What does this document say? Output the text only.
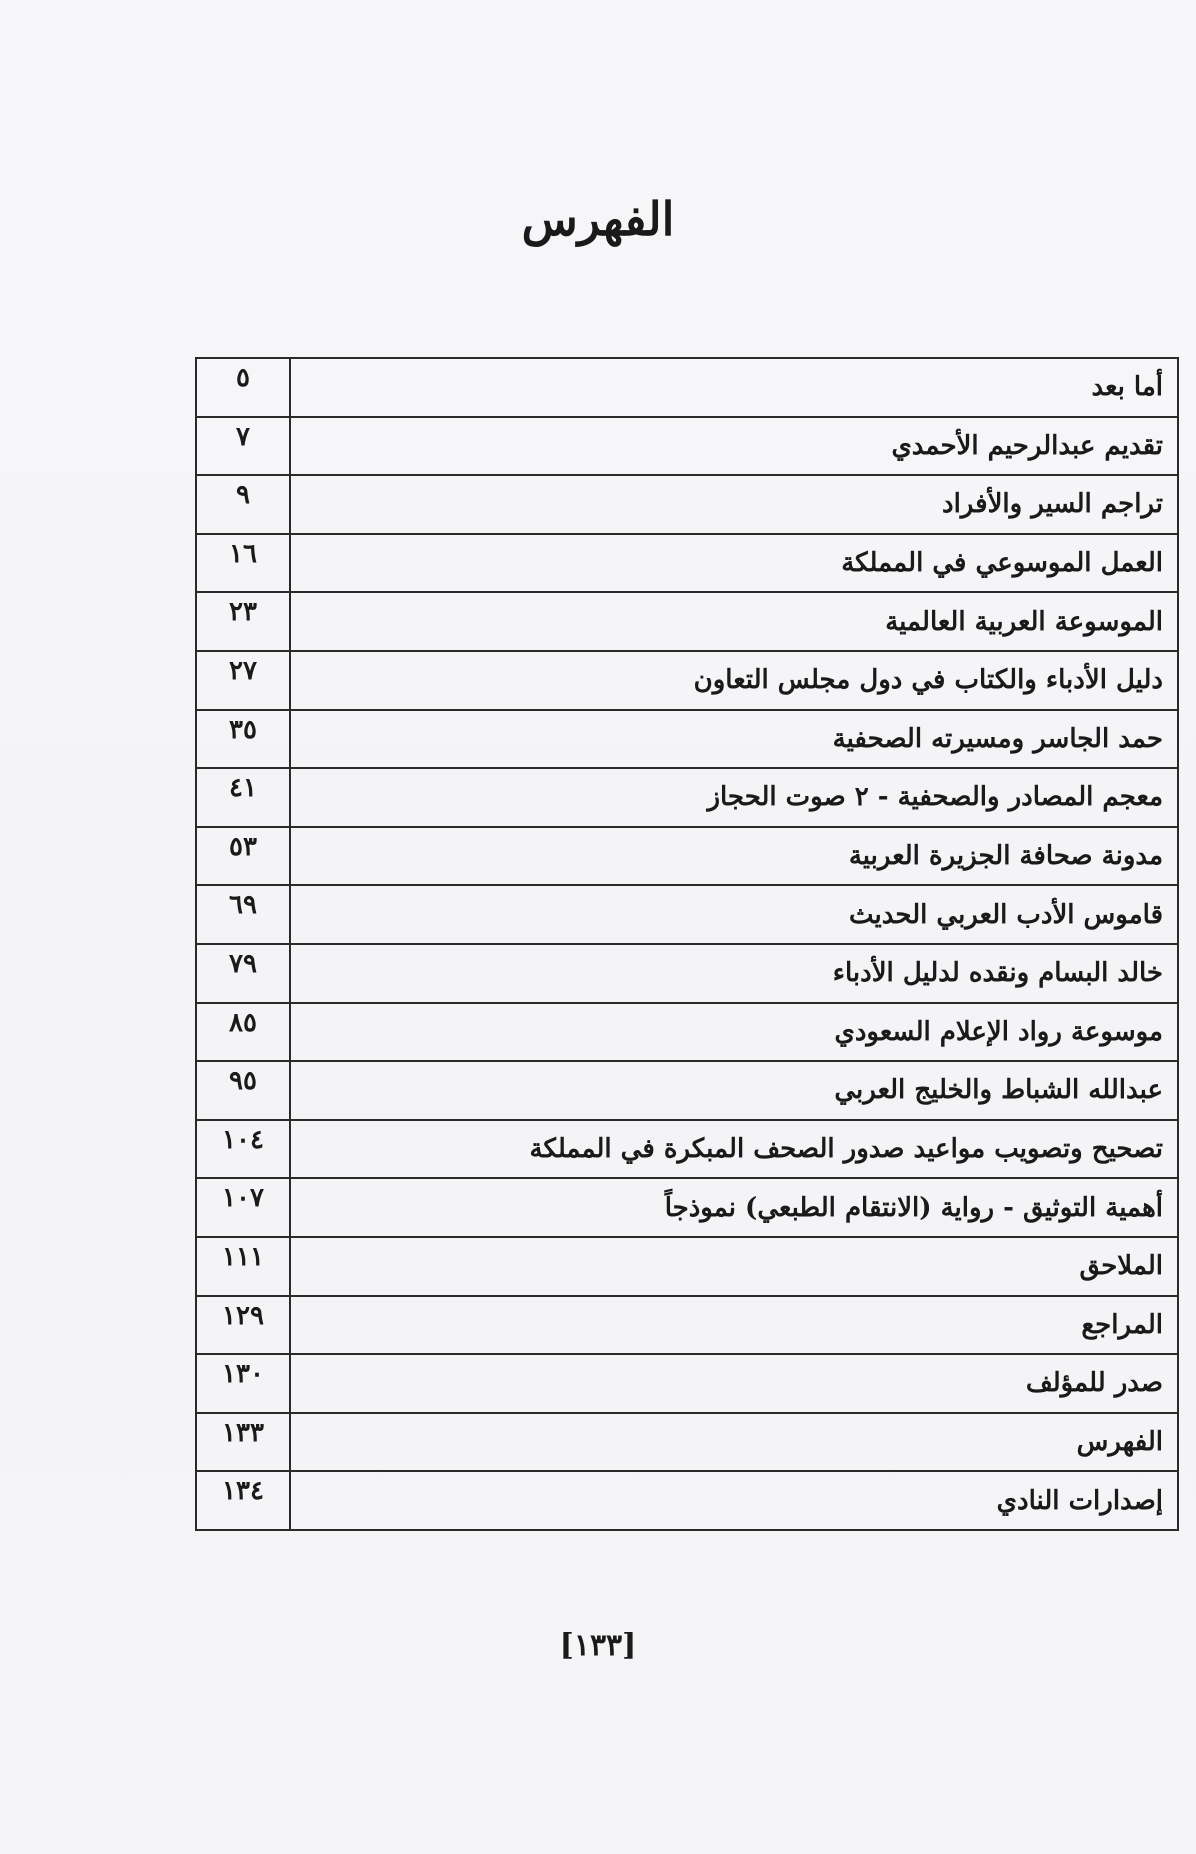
الفهرس
أما بعد	٥
تقديم عبدالرحيم الأحمدي	٧
تراجم السير والأفراد	٩
العمل الموسوعي في المملكة	١٦
الموسوعة العربية العالمية	٢٣
دليل الأدباء والكتاب في دول مجلس التعاون	٢٧
حمد الجاسر ومسيرته الصحفية	٣٥
معجم المصادر والصحفية - ٢ صوت الحجاز	٤١
مدونة صحافة الجزيرة العربية	٥٣
قاموس الأدب العربي الحديث	٦٩
خالد البسام ونقده لدليل الأدباء	٧٩
موسوعة رواد الإعلام السعودي	٨٥
عبدالله الشباط والخليج العربي	٩٥
تصحيح وتصويب مواعيد صدور الصحف المبكرة في المملكة	١٠٤
أهمية التوثيق - رواية (الانتقام الطبعي) نموذجاً	١٠٧
الملاحق	١١١
المراجع	١٢٩
صدر للمؤلف	١٣٠
الفهرس	١٣٣
إصدارات النادي	١٣٤
[١٣٣]
